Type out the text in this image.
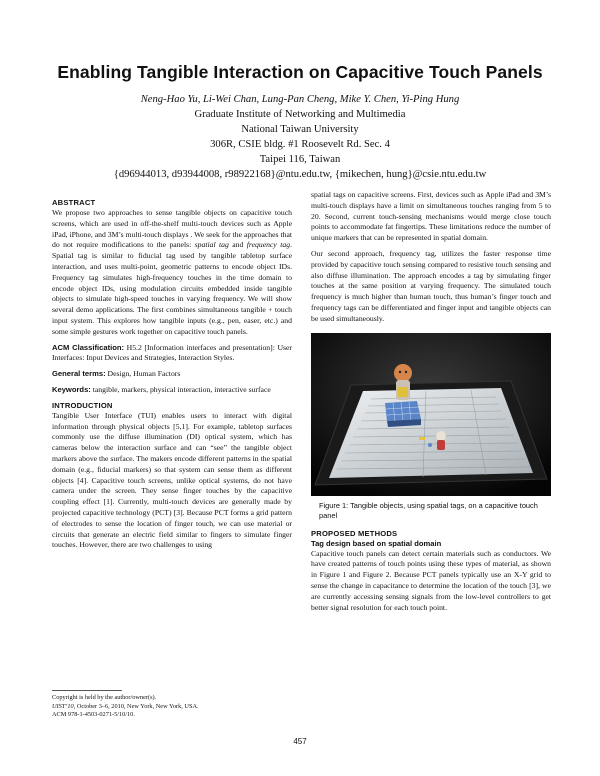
Enabling Tangible Interaction on Capacitive Touch Panels
Neng-Hao Yu, Li-Wei Chan, Lung-Pan Cheng, Mike Y. Chen, Yi-Ping Hung
Graduate Institute of Networking and Multimedia
National Taiwan University
306R, CSIE bldg. #1 Roosevelt Rd. Sec. 4
Taipei 116, Taiwan
{d96944013, d93944008, r98922168}@ntu.edu.tw, {mikechen, hung}@csie.ntu.edu.tw
ABSTRACT

We propose two approaches to sense tangible objects on capacitive touch screens, which are used in off-the-shelf multi-touch devices such as Apple iPad, iPhone, and 3M’s multi-touch displays . We seek for the approaches that do not require modifications to the panels: spatial tag and frequency tag. Spatial tag is similar to fiducial tag used by tangible tabletop surface interaction, and uses multi-point, geometric patterns to encode object IDs. Frequency tag simulates high-frequency touches in the time domain to encode object IDs, using modulation circuits embedded inside tangible objects to simulate high-speed touches in varying frequency. We will show several demo applications. The first combines simultaneous tangible + touch input system. This explores how tangible inputs (e.g., pen, easer, etc.) and some simple gestures work together on capacitive touch panels.

ACM Classification: H5.2 [Information interfaces and presentation]: User Interfaces: Input Devices and Strategies, Interaction Styles.

General terms: Design, Human Factors

Keywords: tangible, markers, physical interaction, interactive surface

INTRODUCTION

Tangible User Interface (TUI) enables users to interact with digital information through physical objects [5,1]. For example, tabletop surfaces commonly use the diffuse illumination (DI) optical system, which has cameras below the interaction surface and can “see” the tangible object markers above the surface. The makers encode different patterns in the spatial domain (e.g., fiducial markers) so that system can sense them as different objects [4]. Capacitive touch screens, unlike optical systems, do not have camera under the screen. They sense finger touches by the capacitive coupling effect [1]. Currently, multi-touch devices are generally made by projected capacitive technology (PCT) [3]. Because PCT forms a grid pattern of electrodes to sense the location of finger touch, we can use material or circuits that generate an electric field similar to fingers to simulate finger touches. However, there are two challenges to using

spatial tags on capacitive screens. First, devices such as Apple iPad and 3M’s multi-touch displays have a limit on simultaneous touches ranging from 5 to 20. Second, current touch-sensing mechanisms would merge close touch points to accommodate fat fingertips. These limitations reduce the number of unique markers that can be represented in spatial domain.

Our second approach, frequency tag, utilizes the faster response time provided by capacitive touch sensing compared to resistive touch sensing and also diffuse illumination. The approach encodes a tag by simulating finger touches at the same position at varying frequency. The simulated touch frequency is much higher than human touch, thus human’s finger touch and frequency tags can be differentiated and finger input and tangible objects can be used simultaneously.

Figure 1: Tangible objects, using spatial tags, on a capacitive touch panel
PROPOSED METHODS
Tag design based on spatial domain

Capacitive touch panels can detect certain materials such as conductors. We have created patterns of touch points using these types of material, as shown in Figure 1 and Figure 2. Because PCT panels typically use an X-Y grid to sense the change in capacitance to determine the location of the touch [3], we are currently accessing sensing signals from the low-level controllers to get better signal resolution for each touch point.

Copyright is held by the author/owner(s).
UIST’10, October 3–6, 2010, New York, New York, USA.
ACM 978-1-4503-0271-5/10/10.
457
